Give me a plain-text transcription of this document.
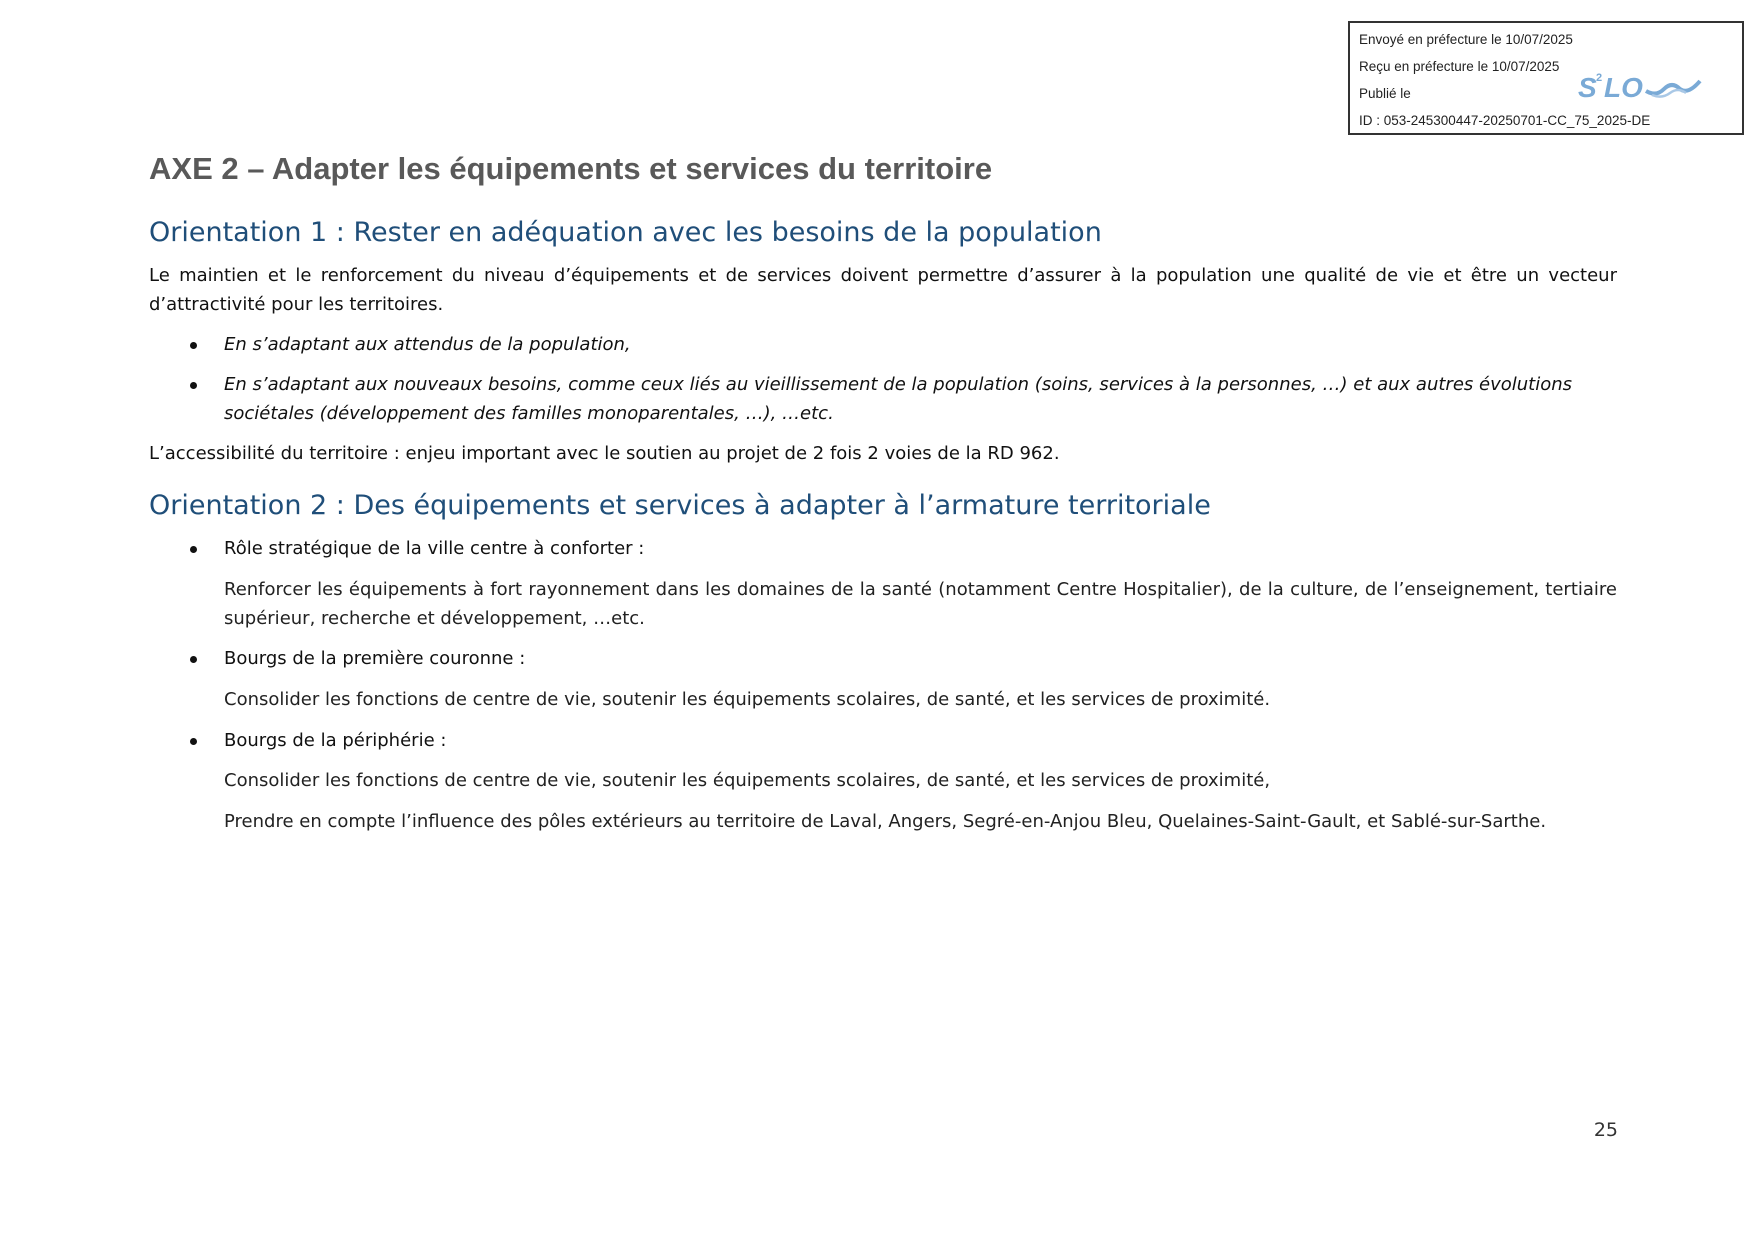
Envoyé en préfecture le 10/07/2025
Reçu en préfecture le 10/07/2025
Publié le
ID : 053-245300447-20250701-CC_75_2025-DE
S 2 LO
AXE 2 – Adapter les équipements et services du territoire
Orientation 1 : Rester en adéquation avec les besoins de la population

Le maintien et le renforcement du niveau d’équipements et de services doivent permettre d’assurer à la population une qualité de vie et être un vecteur d’attractivité pour les territoires.

En s’adaptant aux attendus de la population,
En s’adaptant aux nouveaux besoins, comme ceux liés au vieillissement de la population (soins, services à la personnes, …) et aux autres évolutions sociétales (développement des familles monoparentales, …), …etc.

L’accessibilité du territoire : enjeu important avec le soutien au projet de 2 fois 2 voies de la RD 962.

Orientation 2 : Des équipements et services à adapter à l’armature territoriale
Rôle stratégique de la ville centre à conforter :

Renforcer les équipements à fort rayonnement dans les domaines de la santé (notamment Centre Hospitalier), de la culture, de l’enseignement, tertiaire supérieur, recherche et développement, …etc.

Bourgs de la première couronne :

Consolider les fonctions de centre de vie, soutenir les équipements scolaires, de santé, et les services de proximité.

Bourgs de la périphérie :

Consolider les fonctions de centre de vie, soutenir les équipements scolaires, de santé, et les services de proximité,

Prendre en compte l’influence des pôles extérieurs au territoire de Laval, Angers, Segré-en-Anjou Bleu, Quelaines-Saint-Gault, et Sablé-sur-Sarthe.

25
